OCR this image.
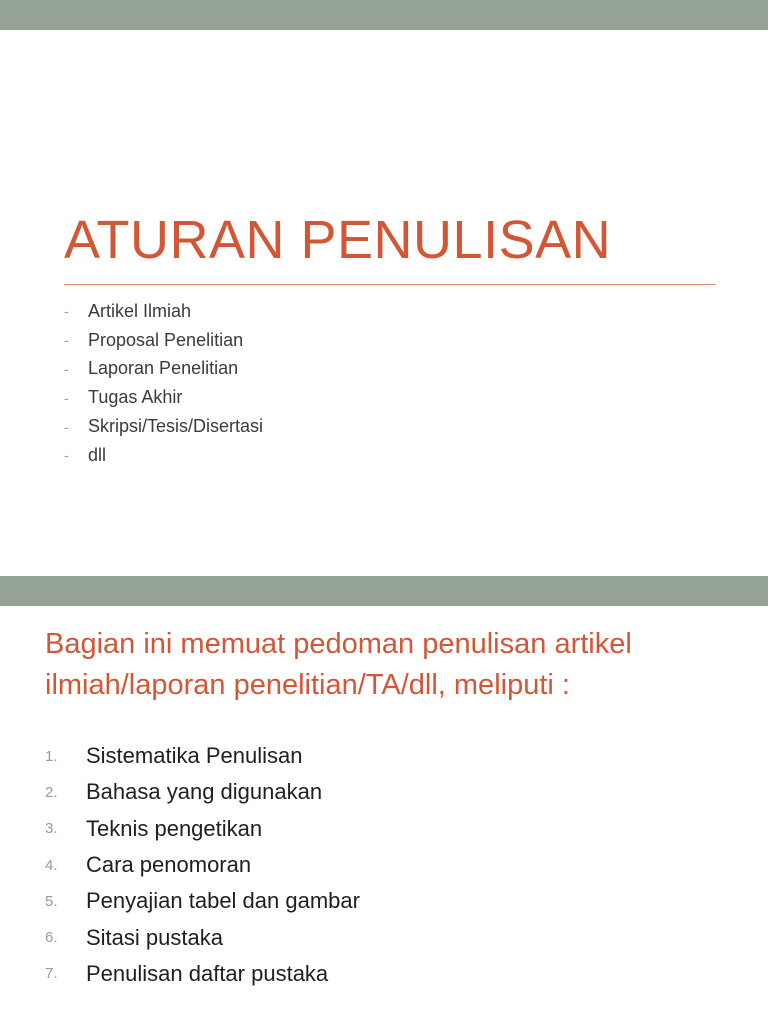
ATURAN PENULISAN
-	Artikel Ilmiah
-	Proposal Penelitian
-	Laporan Penelitian
-	Tugas Akhir
-	Skripsi/Tesis/Disertasi
-	dll

Bagian ini memuat pedoman penulisan artikel ilmiah/laporan penelitian/TA/dll, meliputi :

1.	Sistematika Penulisan
2.	Bahasa yang digunakan
3.	Teknis pengetikan
4.	Cara penomoran
5.	Penyajian tabel dan gambar
6.	Sitasi pustaka
7.	Penulisan daftar pustaka
